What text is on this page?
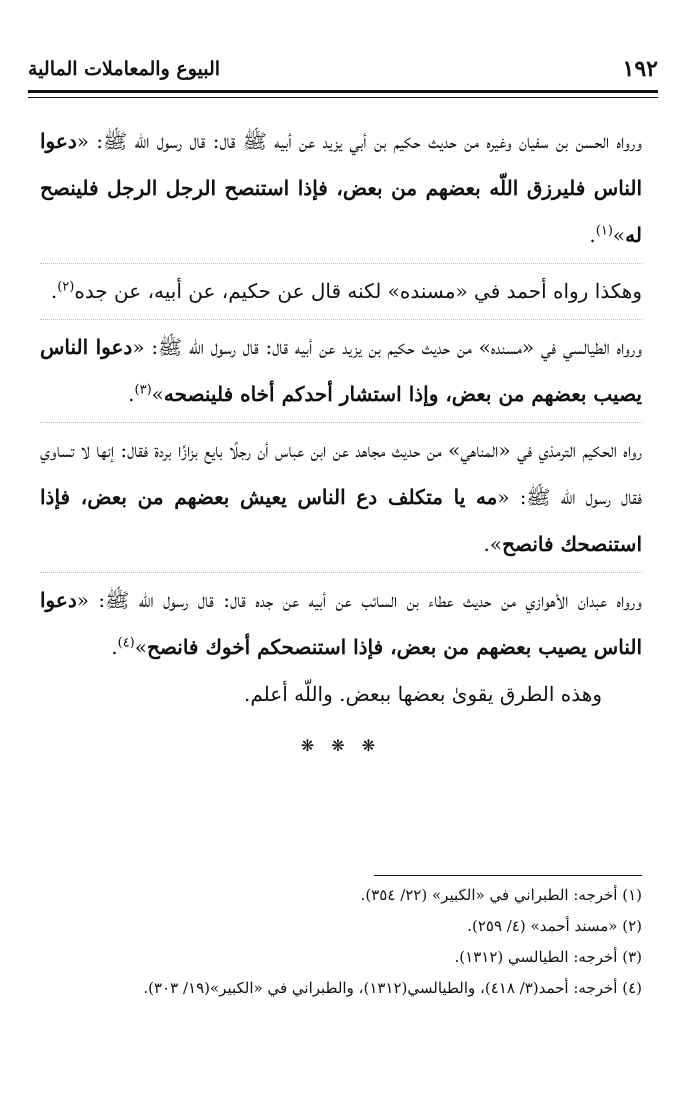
١٩٢
البيوع والمعاملات المالية

ورواه الحسن بن سفيان وغيره من حديث حكيم بن أبي يزيد عن أبيه ﷺ قال: قال رسول اللّه ﷺ: «دعوا الناس فليرزق اللّه بعضهم من بعض، فإذا استنصح الرجل الرجل فلينصح له»$^{(١)}$.

وهكذا رواه أحمد في «مسنده» لكنه قال عن حكيم، عن أبيه، عن جده$^{(٢)}$.

ورواه الطيالسي في «مسنده» من حديث حكيم بن يزيد عن أبيه قال: قال رسول اللّه ﷺ: «دعوا الناس يصيب بعضهم من بعض، وإذا استشار أحدكم أخاه فلينصحه»$^{(٣)}$.

رواه الحكيم الترمذي في «المناهي» من حديث مجاهد عن ابن عباس أن رجلًا بايع بزازًا بردة فقال: إنها لا تساوي فقال رسول اللّه ﷺ: «مه يا متكلف دع الناس يعيش بعضهم من بعض، فإذا استنصحك فانصح».

ورواه عبدان الأهوازي من حديث عطاء بن السائب عن أبيه عن جده قال: قال رسول اللّه ﷺ: «دعوا الناس يصيب بعضهم من بعض، فإذا استنصحكم أخوك فانصح»$^{(٤)}$.

وهذه الطرق يقوىٰ بعضها ببعض. واللّه أعلم.

❋ ❋ ❋

(١) أخرجه: الطبراني في «الكبير» (٢٢/ ٣٥٤).

(٢) «مسند أحمد» (٤/ ٢٥٩).

(٣) أخرجه: الطيالسي (١٣١٢).

(٤) أخرجه: أحمد(٣/ ٤١٨)، والطيالسي(١٣١٢)، والطبراني في «الكبير»(١٩/ ٣٠٣).
